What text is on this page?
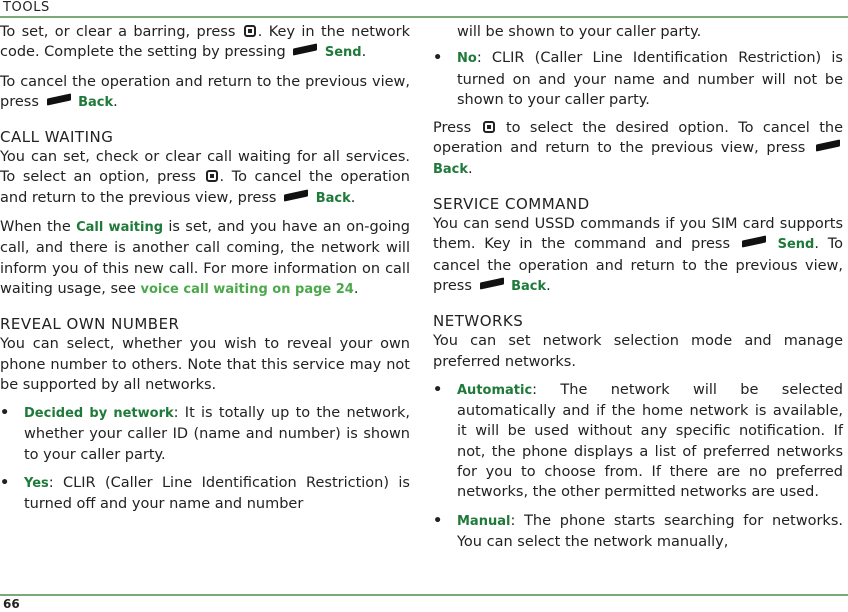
TOOLS

To set, or clear a barring, press . Key in the network code. Complete the setting by pressing	Send.

To cancel the operation and return to the previous view, press	Back.

CALL WAITING

You can set, check or clear call waiting for all services. To select an option, press . To cancel the operation and return to the previous view, press	Back.

When the Call waiting is set, and you have an on-going call, and there is another call coming, the network will inform you of this new call. For more information on call waiting usage, see voice call waiting on page 24.

REVEAL OWN NUMBER

You can select, whether you wish to reveal your own phone number to others. Note that this service may not be supported by all networks.

• Decided by network: It is totally up to the network, whether your caller ID (name and number) is shown to your caller party.
• Yes: CLIR (Caller Line Identification Restriction) is turned off and your name and number

will be shown to your caller party.

• No: CLIR (Caller Line Identification Restriction) is turned on and your name and number will not be shown to your caller party.

Press to select the desired option. To cancel the operation and return to the previous view, press  Back.

SERVICE COMMAND

You can send USSD commands if you SIM card supports them. Key in the command and press	Send. To cancel the operation and return to the previous view, press	Back.

NETWORKS

You can set network selection mode and manage preferred networks.

• Automatic: The network will be selected automatically and if the home network is available, it will be used without any specific notification. If not, the phone displays a list of preferred networks for you to choose from. If there are no preferred networks, the other permitted networks are used.
• Manual: The phone starts searching for networks. You can select the network manually,
66
